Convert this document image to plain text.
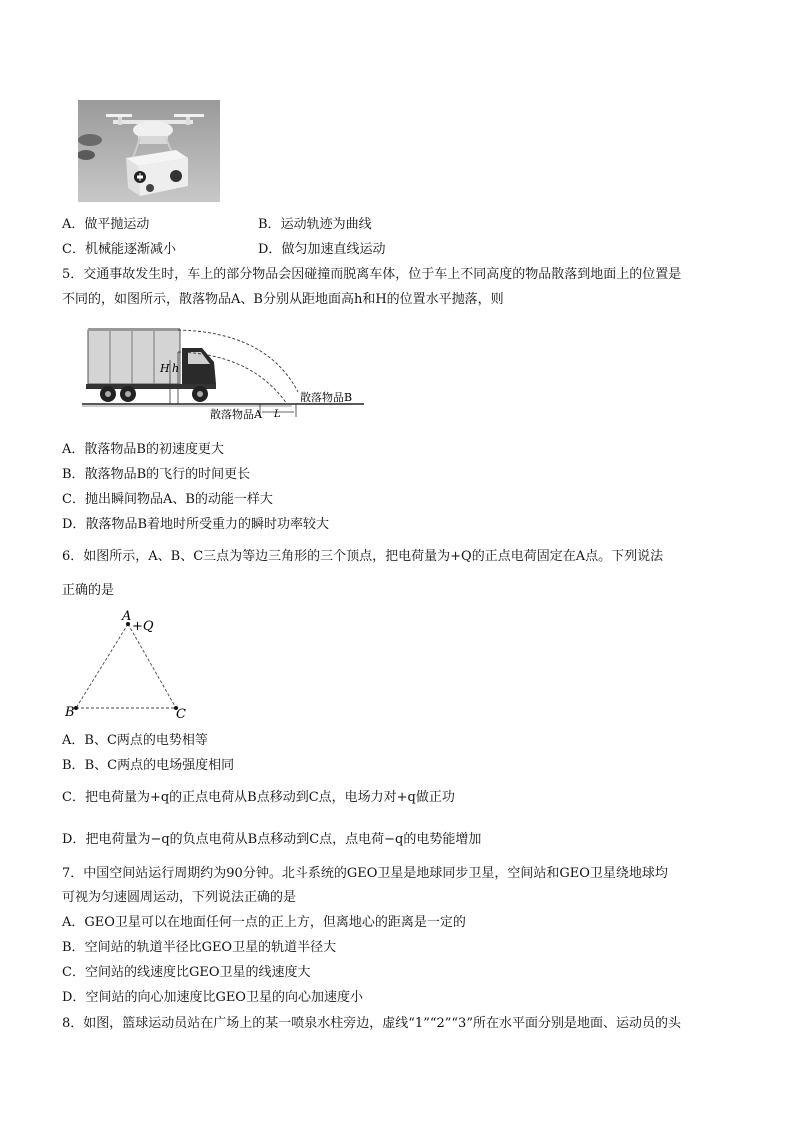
A．做平抛运动	B．运动轨迹为曲线
C．机械能逐渐减小	D．做匀加速直线运动
5．交通事故发生时，车上的部分物品会因碰撞而脱离车体，位于车上不同高度的物品散落到地面上的位置是
不同的，如图所示，散落物品A、B分别从距地面高h和H的位置水平抛落，则
H h
散落物品A
散落物品B
L
A．散落物品B的初速度更大
B．散落物品B的飞行的时间更长
C．抛出瞬间物品A、B的动能一样大
D．散落物品B着地时所受重力的瞬时功率较大
6．如图所示，A、B、C三点为等边三角形的三个顶点，把电荷量为+Q的正点电荷固定在A点。下列说法
正确的是
A
+Q
B	C
A．B、C两点的电势相等
B．B、C两点的电场强度相同
C．把电荷量为+q的正点电荷从B点移动到C点，电场力对+q做正功
D．把电荷量为−q的负点电荷从B点移动到C点，点电荷−q的电势能增加
7．中国空间站运行周期约为90分钟。北斗系统的GEO卫星是地球同步卫星，空间站和GEO卫星绕地球均
可视为匀速圆周运动，下列说法正确的是
A．GEO卫星可以在地面任何一点的正上方，但离地心的距离是一定的
B．空间站的轨道半径比GEO卫星的轨道半径大
C．空间站的线速度比GEO卫星的线速度大
D．空间站的向心加速度比GEO卫星的向心加速度小
8．如图，篮球运动员站在广场上的某一喷泉水柱旁边，虚线“1”“2”“3”所在水平面分别是地面、运动员的头
